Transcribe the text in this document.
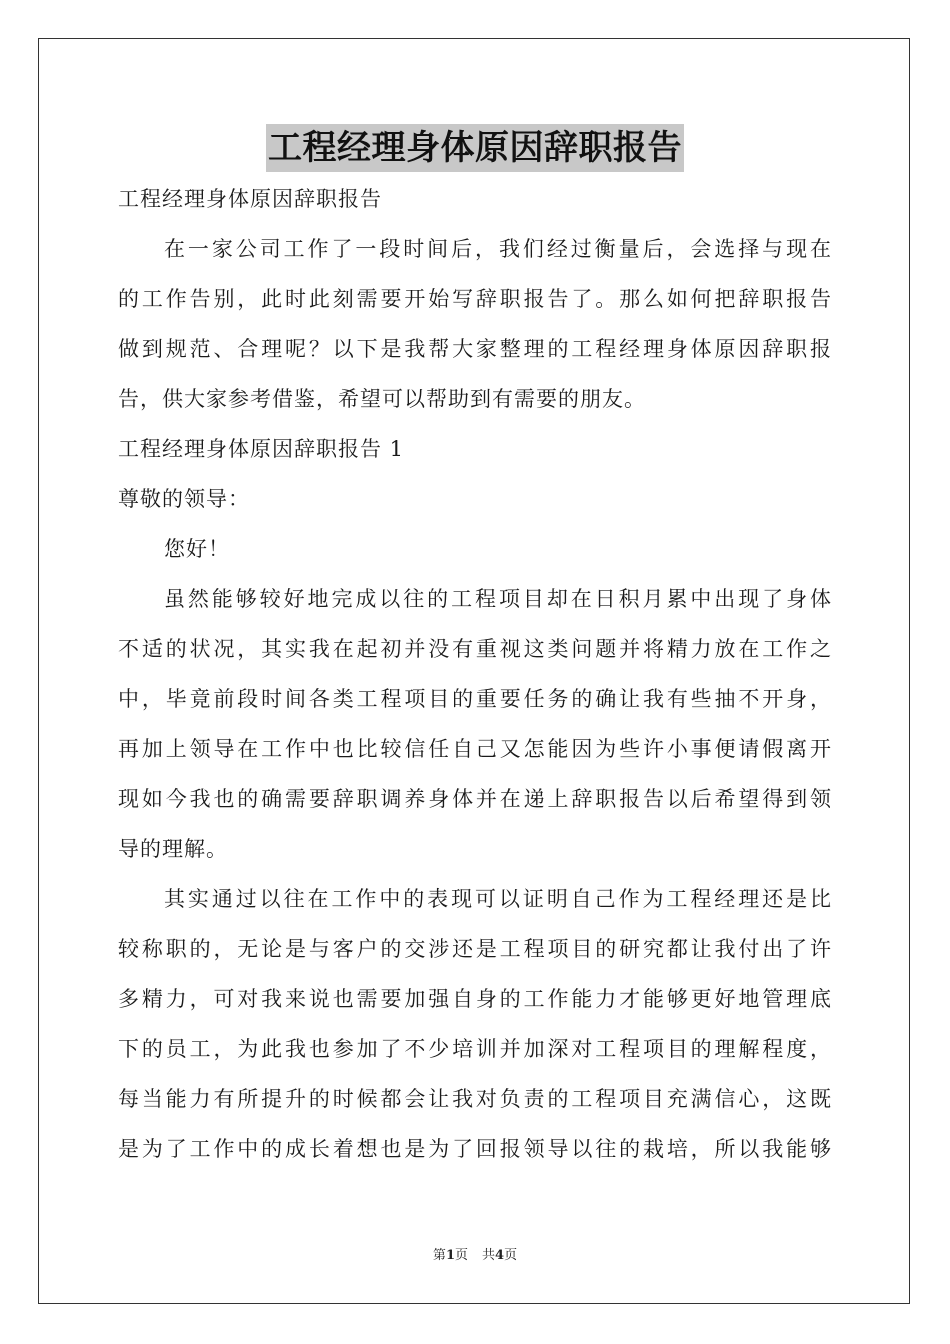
工程经理身体原因辞职报告
工程经理身体原因辞职报告
在一家公司工作了一段时间后，我们经过衡量后，会选择与现在
的工作告别，此时此刻需要开始写辞职报告了。那么如何把辞职报告
做到规范、合理呢？以下是我帮大家整理的工程经理身体原因辞职报
告，供大家参考借鉴，希望可以帮助到有需要的朋友。
工程经理身体原因辞职报告 1
尊敬的领导：
您好！
虽然能够较好地完成以往的工程项目却在日积月累中出现了身体
不适的状况，其实我在起初并没有重视这类问题并将精力放在工作之
中，毕竟前段时间各类工程项目的重要任务的确让我有些抽不开身，
再加上领导在工作中也比较信任自己又怎能因为些许小事便请假离开
现如今我也的确需要辞职调养身体并在递上辞职报告以后希望得到领
导的理解。
其实通过以往在工作中的表现可以证明自己作为工程经理还是比
较称职的，无论是与客户的交涉还是工程项目的研究都让我付出了许
多精力，可对我来说也需要加强自身的工作能力才能够更好地管理底
下的员工，为此我也参加了不少培训并加深对工程项目的理解程度，
每当能力有所提升的时候都会让我对负责的工程项目充满信心，这既
是为了工作中的成长着想也是为了回报领导以往的栽培，所以我能够
第1页 共4页
